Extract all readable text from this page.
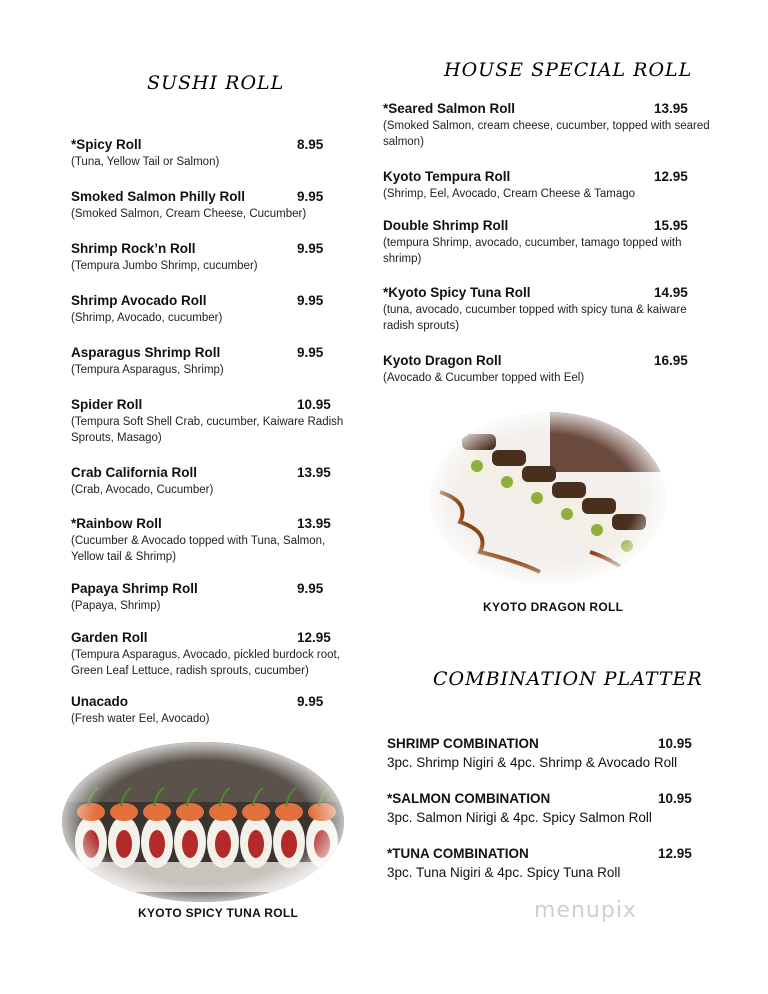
SUSHI ROLL
*Spicy Roll	8.95
(Tuna, Yellow Tail or Salmon)
Smoked Salmon Philly Roll	9.95
(Smoked Salmon, Cream Cheese, Cucumber)
Shrimp Rock’n Roll	9.95
(Tempura Jumbo Shrimp, cucumber)
Shrimp Avocado Roll	9.95
(Shrimp, Avocado, cucumber)
Asparagus Shrimp Roll	9.95
(Tempura Asparagus, Shrimp)
Spider Roll	10.95
(Tempura Soft Shell Crab, cucumber, Kaiware Radish Sprouts, Masago)
Crab California Roll	13.95
(Crab, Avocado, Cucumber)
*Rainbow Roll	13.95
(Cucumber & Avocado topped with Tuna, Salmon, Yellow tail & Shrimp)
Papaya Shrimp Roll	9.95
(Papaya, Shrimp)
Garden Roll	12.95
(Tempura Asparagus, Avocado, pickled burdock root, Green Leaf Lettuce, radish sprouts, cucumber)
Unacado	9.95
(Fresh water Eel, Avocado)
KYOTO SPICY TUNA ROLL
HOUSE SPECIAL ROLL
*Seared Salmon Roll	13.95
(Smoked Salmon, cream cheese, cucumber, topped with seared salmon)
Kyoto Tempura Roll	12.95
(Shrimp, Eel, Avocado, Cream Cheese & Tamago
Double Shrimp Roll	15.95
(tempura Shrimp, avocado, cucumber, tamago topped with shrimp)
*Kyoto Spicy Tuna Roll	14.95
(tuna, avocado, cucumber topped with spicy tuna & kaiware radish sprouts)
Kyoto Dragon Roll	16.95
(Avocado & Cucumber topped with Eel)
KYOTO DRAGON ROLL
COMBINATION PLATTER
SHRIMP COMBINATION	10.95
3pc. Shrimp Nigiri & 4pc. Shrimp & Avocado Roll
*SALMON COMBINATION	10.95
3pc. Salmon Nirigi & 4pc. Spicy Salmon Roll
*TUNA COMBINATION	12.95
3pc. Tuna Nigiri & 4pc. Spicy Tuna Roll
menupix
